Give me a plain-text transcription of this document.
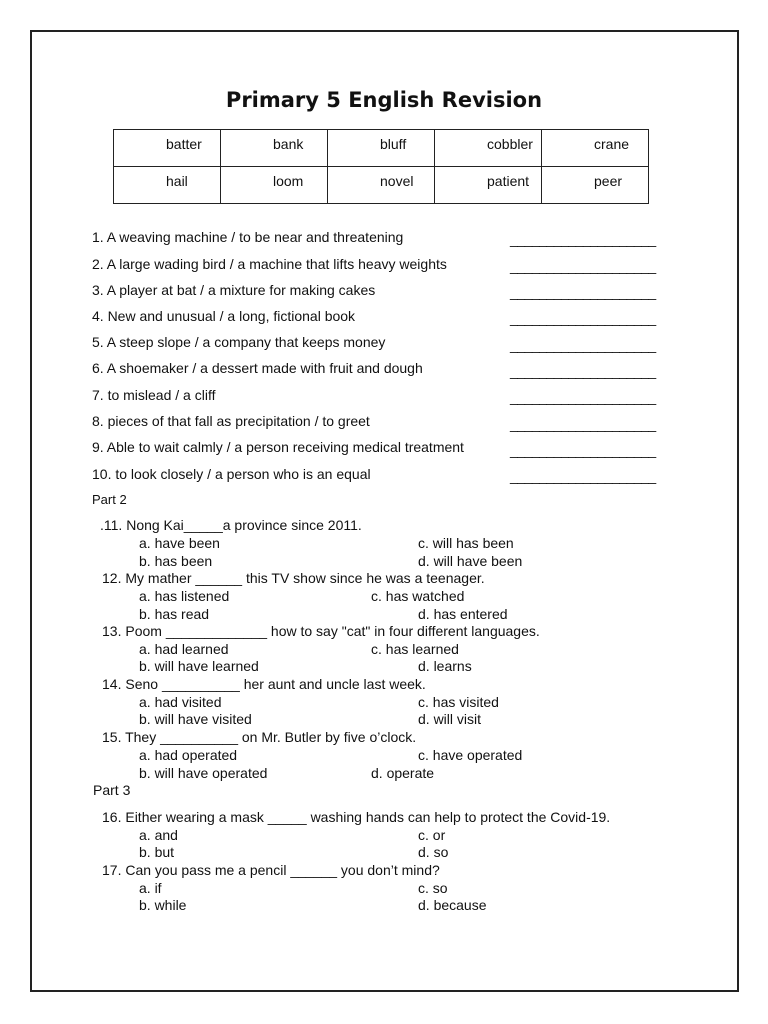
Primary 5 English Revision
batter	bank	bluff	cobbler	crane

hail	loom	novel	patient	peer
1. A weaving machine / to be near and threatening	____________________
2. A large wading bird / a machine that lifts heavy weights	____________________
3. A player at bat / a mixture for making cakes	____________________
4. New and unusual / a long, fictional book	____________________
5. A steep slope / a company that keeps money	____________________
6. A shoemaker / a dessert made with fruit and dough	____________________
7. to mislead / a cliff	____________________
8. pieces of that fall as precipitation / to greet	____________________
9. Able to wait calmly / a person receiving medical treatment	____________________
10. to look closely / a person who is an equal	____________________
Part 2
.11. Nong Kai_____a province since 2011.
a. have been	c. will has been
b. has been	d. will have been
12. My mather ______ this TV show since he was a teenager.
a. has listened	c. has watched
b. has read	d. has entered
13. Poom _____________ how to say "cat" in four different languages.
a. had learned	c. has learned
b. will have learned	d. learns
14. Seno __________ her aunt and uncle last week.
a. had visited	c. has visited
b. will have visited	d. will visit
15. They __________ on Mr. Butler by five o’clock.
a. had operated	c. have operated
b. will have operated	d. operate
Part 3
16. Either wearing a mask _____ washing hands can help to protect the Covid-19.
a. and	c. or
b. but	d. so
17. Can you pass me a pencil ______ you don’t mind?
a. if	c. so
b. while	d. because
